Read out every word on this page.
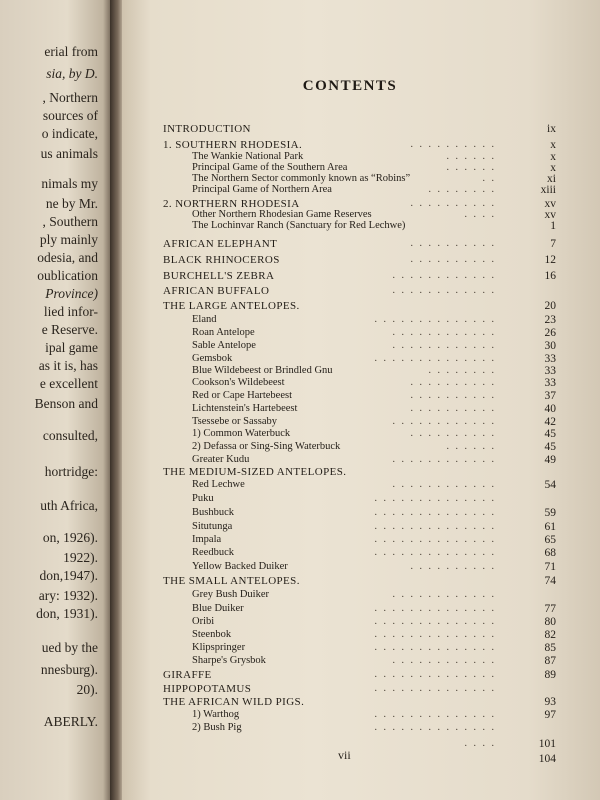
erial from
sia, by D.
, Northern
sources of
o indicate,
us animals
nimals my
ne by Mr.
, Southern
ply mainly
odesia, and
oublication
Province)
lied infor-
e Reserve.
ipal game
as it is, has
e excellent
Benson and
consulted,
hortridge:
uth Africa,
on, 1926).
1922).
don,1947).
ary: 1932).
don, 1931).
ued by the
nnesburg).
20).
ABERLY.
CONTENTS
INTRODUCTION	ix
1. SOUTHERN RHODESIA.	. . . . . . . . . .	x
The Wankie National Park	. . . . . .	x
Principal Game of the Southern Area	. . . . . .	x
The Northern Sector commonly known as “Robins”	. .	xi
Principal Game of Northern Area	. . . . . . . .	xiii
2. NORTHERN RHODESIA	. . . . . . . . . .	xv
Other Northern Rhodesian Game Reserves	. . . .	xv
The Lochinvar Ranch (Sanctuary for Red Lechwe)	1
AFRICAN ELEPHANT	. . . . . . . . . .	7
BLACK RHINOCEROS	. . . . . . . . . .	12
BURCHELL'S ZEBRA	. . . . . . . . . . . .	16
AFRICAN BUFFALO	. . . . . . . . . . . .
THE LARGE ANTELOPES.	20
Eland	. . . . . . . . . . . . . .	23
Roan Antelope	. . . . . . . . . . . .	26
Sable Antelope	. . . . . . . . . . . .	30
Gemsbok	. . . . . . . . . . . . . .	33
Blue Wildebeest or Brindled Gnu	. . . . . . . .	33
Cookson's Wildebeest	. . . . . . . . . .	33
Red or Cape Hartebeest	. . . . . . . . . .	37
Lichtenstein's Hartebeest	. . . . . . . . . .	40
Tsessebe or Sassaby	. . . . . . . . . . . .	42
1) Common Waterbuck	. . . . . . . . . .	45
2) Defassa or Sing-Sing Waterbuck	. . . . . .	45
Greater Kudu	. . . . . . . . . . . .	49
THE MEDIUM-SIZED ANTELOPES.
Red Lechwe	. . . . . . . . . . . .	54
Puku	. . . . . . . . . . . . . .
Bushbuck	. . . . . . . . . . . . . .	59
Situtunga	. . . . . . . . . . . . . .	61
Impala	. . . . . . . . . . . . . .	65
Reedbuck	. . . . . . . . . . . . . .	68
Yellow Backed Duiker	. . . . . . . . . .	71
THE SMALL ANTELOPES.	74
Grey Bush Duiker	. . . . . . . . . . . .
Blue Duiker	. . . . . . . . . . . . . .	77
Oribi	. . . . . . . . . . . . . .	80
Steenbok	. . . . . . . . . . . . . .	82
Klipspringer	. . . . . . . . . . . . . .	85
Sharpe's Grysbok	. . . . . . . . . . . .	87
GIRAFFE	. . . . . . . . . . . . . .	89
HIPPOPOTAMUS	. . . . . . . . . . . . . .
THE AFRICAN WILD PIGS.	93
1) Warthog	. . . . . . . . . . . . . .	97
2) Bush Pig	. . . . . . . . . . . . . .
. . . .	101
104
vii
